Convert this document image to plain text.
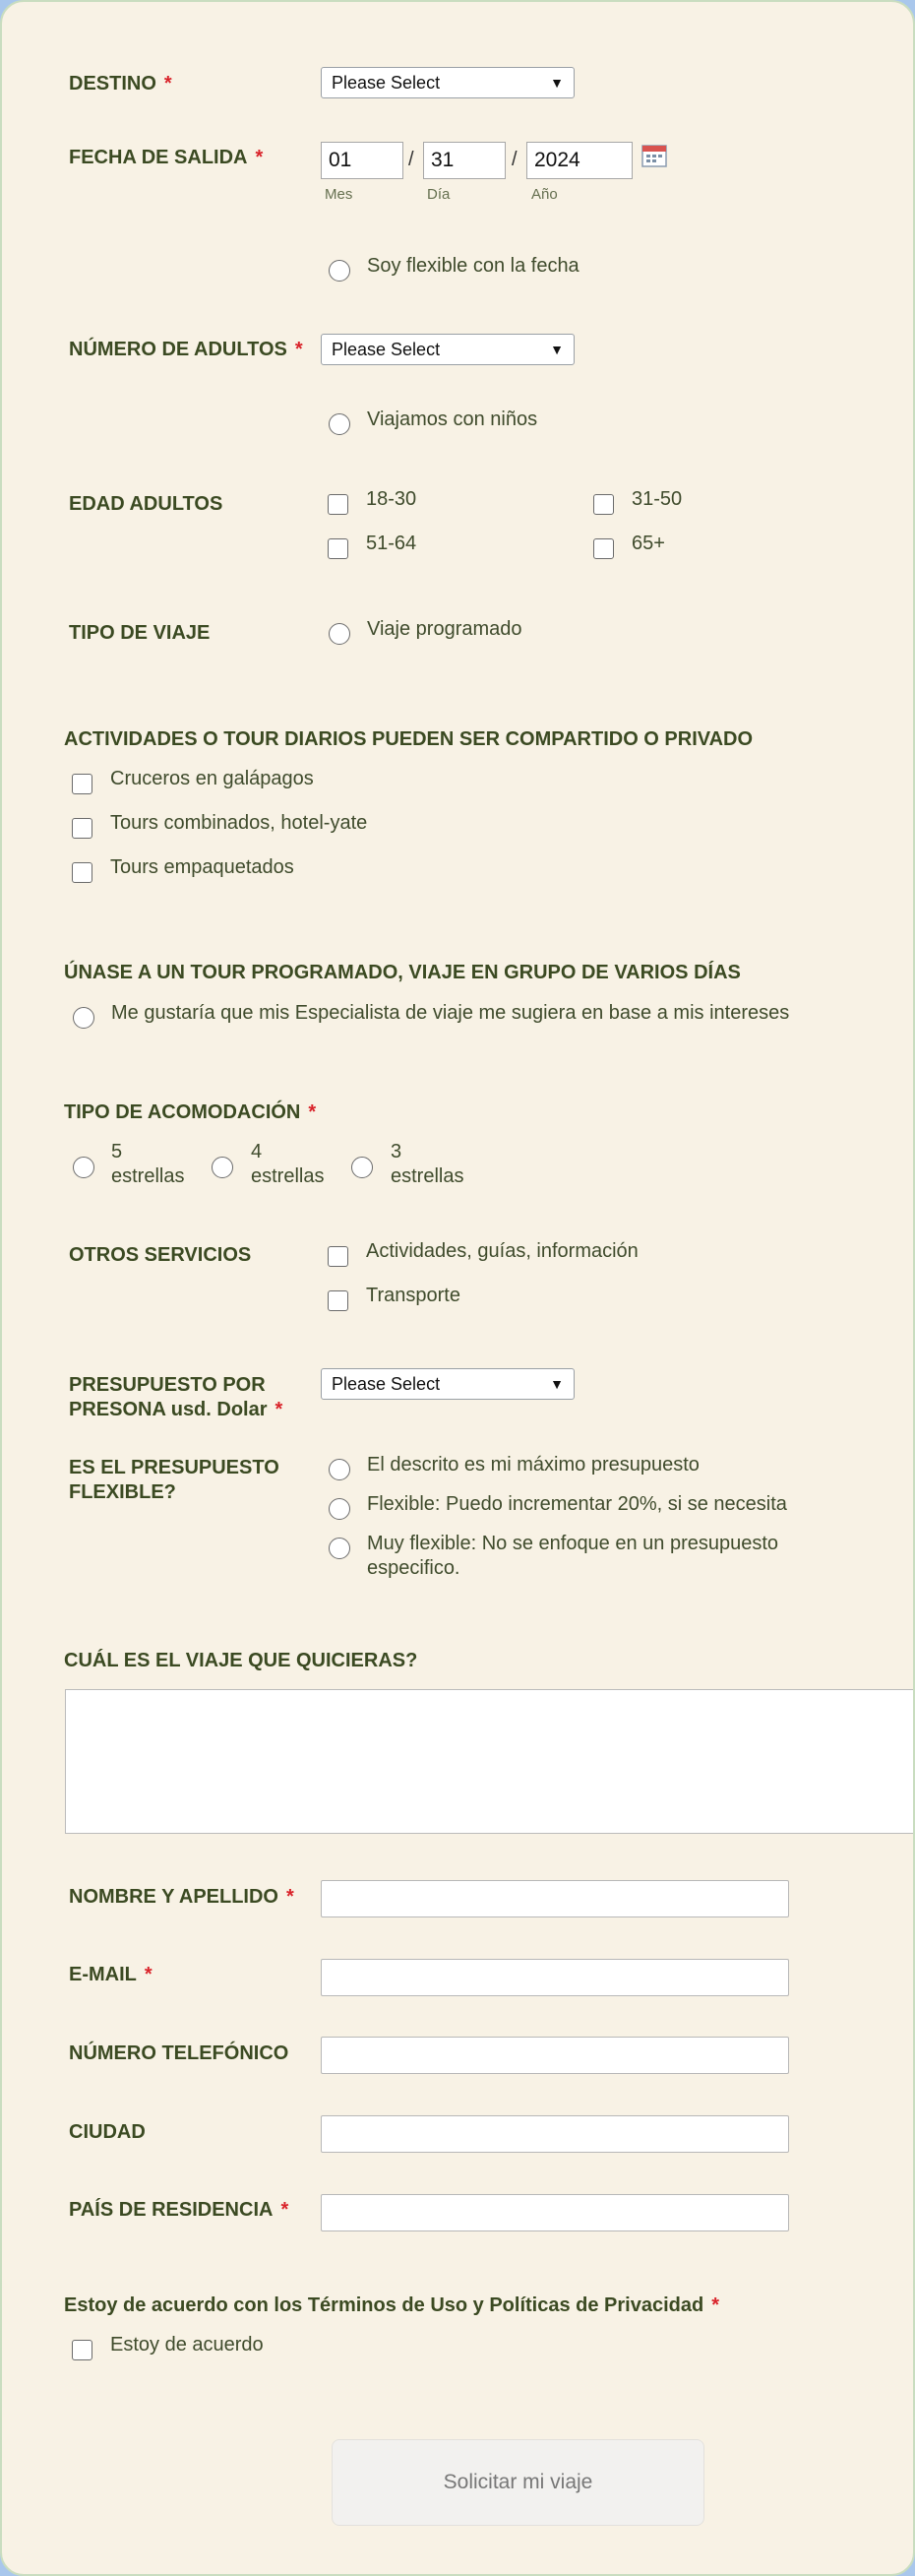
DESTINO *	Please Select	▼
FECHA DE SALIDA *	01	/ 31	/ 2024
Mes	Día	Año
Soy flexible con la fecha
NÚMERO DE ADULTOS * Please Select	▼
Viajamos con niños
EDAD ADULTOS	18-30	31-50
51-64	65+
TIPO DE VIAJE	Viaje programado
ACTIVIDADES O TOUR DIARIOS PUEDEN SER COMPARTIDO O PRIVADO
Cruceros en galápagos
Tours combinados, hotel-yate
Tours empaquetados
ÚNASE A UN TOUR PROGRAMADO, VIAJE EN GRUPO DE VARIOS DÍAS
Me gustaría que mis Especialista de viaje me sugiera en base a mis intereses
TIPO DE ACOMODACIÓN *
5
estrellas
4
estrellas
3
estrellas
OTROS SERVICIOS	Actividades, guías, información
Transporte
PRESUPUESTO POR
PRESONA usd. Dolar *
Please Select	▼
ES EL PRESUPUESTO
FLEXIBLE?
El descrito es mi máximo presupuesto
Flexible: Puedo incrementar 20%, si se necesita
Muy flexible: No se enfoque en un presupuesto
especifico.
CUÁL ES EL VIAJE QUE QUICIERAS?
NOMBRE Y APELLIDO *
E-MAIL *
NÚMERO TELEFÓNICO
CIUDAD
PAÍS DE RESIDENCIA *
Estoy de acuerdo con los Términos de Uso y Políticas de Privacidad *
Estoy de acuerdo
Solicitar mi viaje
